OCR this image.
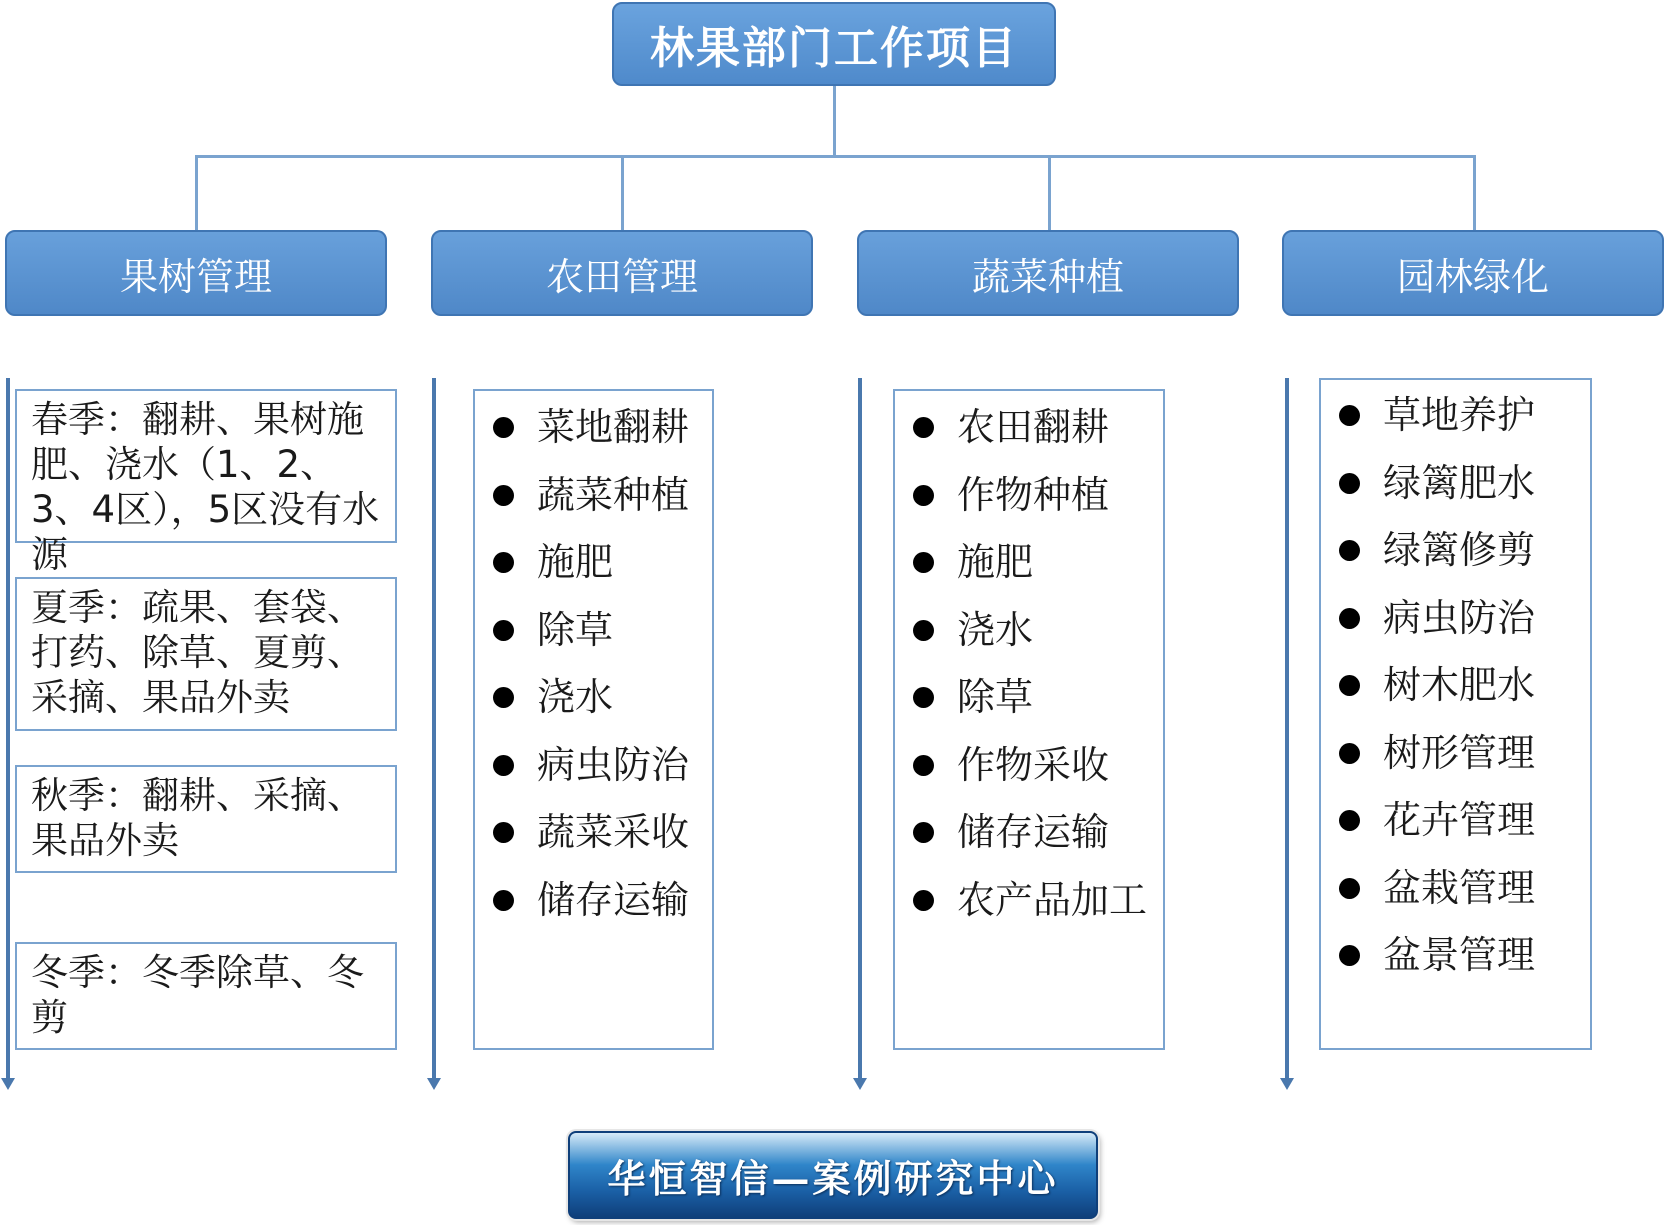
林果部门工作项目
果树管理	农田管理	蔬菜种植	园林绿化
春季：翻耕、果树施肥、浇水（1、2、3、4区），5区没有水源
夏季：疏果、套袋、打药、除草、夏剪、采摘、果品外卖
秋季：翻耕、采摘、果品外卖
冬季：冬季除草、冬剪
菜地翻耕
蔬菜种植
施肥
除草
浇水
病虫防治
蔬菜采收
储存运输
农田翻耕
作物种植
施肥
浇水
除草
作物采收
储存运输
农产品加工
草地养护
绿篱肥水
绿篱修剪
病虫防治
树木肥水
树形管理
花卉管理
盆栽管理
盆景管理
华恒智信—案例研究中心
